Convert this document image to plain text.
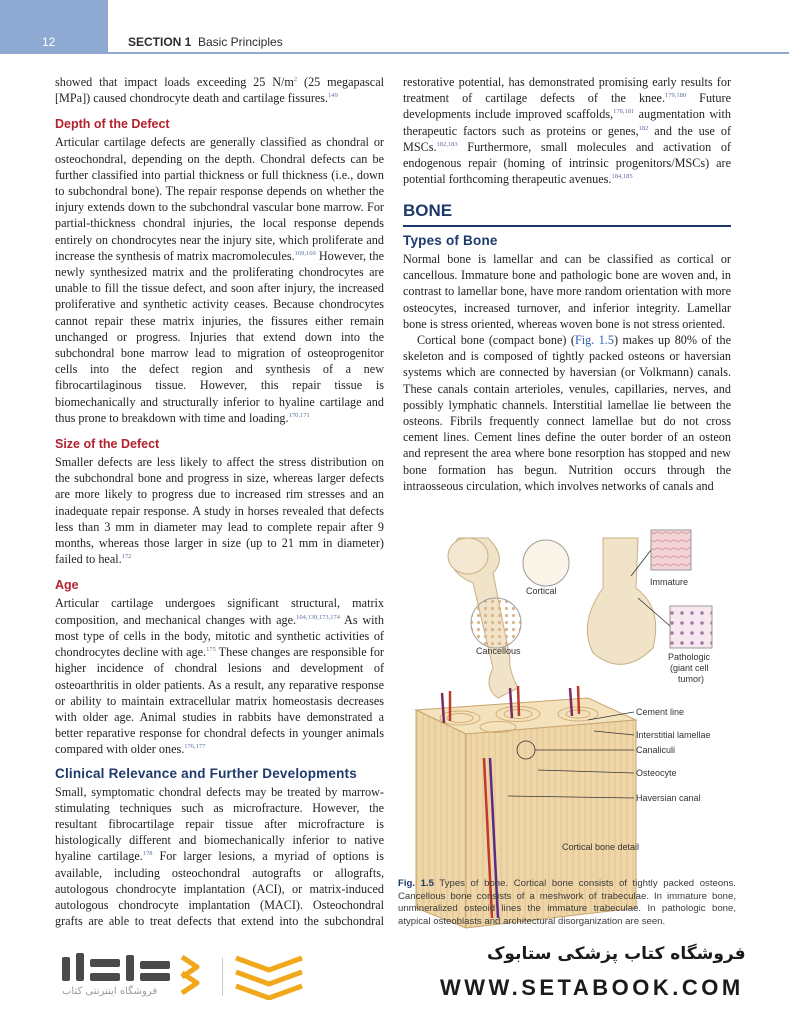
12	SECTION 1 Basic Principles

showed that impact loads exceeding 25 $N/m^2$ (25 megapascal [MPa]) caused chondrocyte death and cartilage fissures.$^{149}$

Depth of the Defect

Articular cartilage defects are generally classified as chondral or osteochondral, depending on the depth. Chondral defects can be further classified into partial thickness or full thickness (i.e., down to subchondral bone). The repair response depends on whether the injury extends down to the subchondral vascular bone marrow. For partial-thickness chondral injuries, the local response depends entirely on chondrocytes near the injury site, which proliferate and increase the synthesis of matrix macromolecules.$^{169,169}$ However, the newly synthesized matrix and the proliferating chondrocytes are unable to fill the tissue defect, and soon after injury, the increased proliferative and synthetic activity ceases. Because chondrocytes cannot repair these matrix injuries, the fissures either remain unchanged or progress. Injuries that extend down into the subchondral bone marrow lead to migration of osteoprogenitor cells into the defect region and synthesis of a new fibrocartilaginous tissue. However, this repair tissue is biomechanically and structurally inferior to hyaline cartilage and thus prone to breakdown with time and loading.$^{170,171}$

Size of the Defect

Smaller defects are less likely to affect the stress distribution on the subchondral bone and progress in size, whereas larger defects are more likely to progress due to increased rim stresses and an inadequate repair response. A study in horses revealed that defects less than 3 mm in diameter may lead to complete repair after 9 months, whereas those larger in size (up to 21 mm in diameter) failed to heal.$^{172}$

Age

Articular cartilage undergoes significant structural, matrix composition, and mechanical changes with age.$^{104,139,173,174}$ As with most type of cells in the body, mitotic and synthetic activities of chondrocytes decline with age.$^{175}$ These changes are responsible for higher incidence of chondral lesions and development of osteoarthritis in older patients. As a result, any reparative response or ability to maintain extracellular matrix homeostasis decreases with older age. Animal studies in rabbits have demonstrated a better reparative response for chondral defects in younger animals compared with older ones.$^{176,177}$

Clinical Relevance and Further Developments

Small, symptomatic chondral defects may be treated by marrow-stimulating techniques such as microfracture. However, the resultant fibrocartilage repair tissue after microfracture is histologically different and biomechanically inferior to native hyaline cartilage.$^{178}$ For larger lesions, a myriad of options is available, including osteochondral autografts or allografts, autologous chondrocyte implantation (ACI), or matrix-induced autologous chondrocyte implantation (MACI). Osteochondral grafts are able to treat defects that extend into the subchondral

restorative potential, has demonstrated promising early results for treatment of cartilage defects of the knee.$^{179,180}$ Future developments include improved scaffolds,$^{178,181}$ augmentation with therapeutic factors such as proteins or genes,$^{182}$ and the use of MSCs.$^{182,183}$ Furthermore, small molecules and activation of endogenous repair (homing of intrinsic progenitors/MSCs) are potential forthcoming therapeutic avenues.$^{184,185}$

BONE
Types of Bone

Normal bone is lamellar and can be classified as cortical or cancellous. Immature bone and pathologic bone are woven and, in contrast to lamellar bone, have more random orientation with more osteocytes, increased turnover, and inferior integrity. Lamellar bone is stress oriented, whereas woven bone is not stress oriented.

Cortical bone (compact bone) (Fig. 1.5) makes up 80% of the skeleton and is composed of tightly packed osteons or haversian systems which are connected by haversian (or Volkmann) canals. These canals contain arterioles, venules, capillaries, nerves, and possibly lymphatic channels. Interstitial lamellae lie between the osteons. Fibrils frequently connect lamellae but do not cross cement lines. Cement lines define the outer border of an osteon and represent the area where bone resorption has stopped and new bone formation has begun. Nutrition occurs through the intraosseous circulation, which involves networks of canals and

Cortical
Cancellous
Immature
Pathologic
(giant cell
tumor)
Cement line
Interstitial lamellae
Canaliculi
Osteocyte
Haversian canal
Cortical bone detail
Fig. 1.5 Types of bone. Cortical bone consists of tightly packed osteons. Cancellous bone consists of a meshwork of trabeculae. In immature bone, unmineralized osteoid lines the immature trabeculae. In pathologic bone, atypical osteoblasts and architectural disorganization are seen.
فروشگاه اینترنتی کتاب
فروشگاه کتاب پزشکی ستابوک
WWW.SETABOOK.COM
